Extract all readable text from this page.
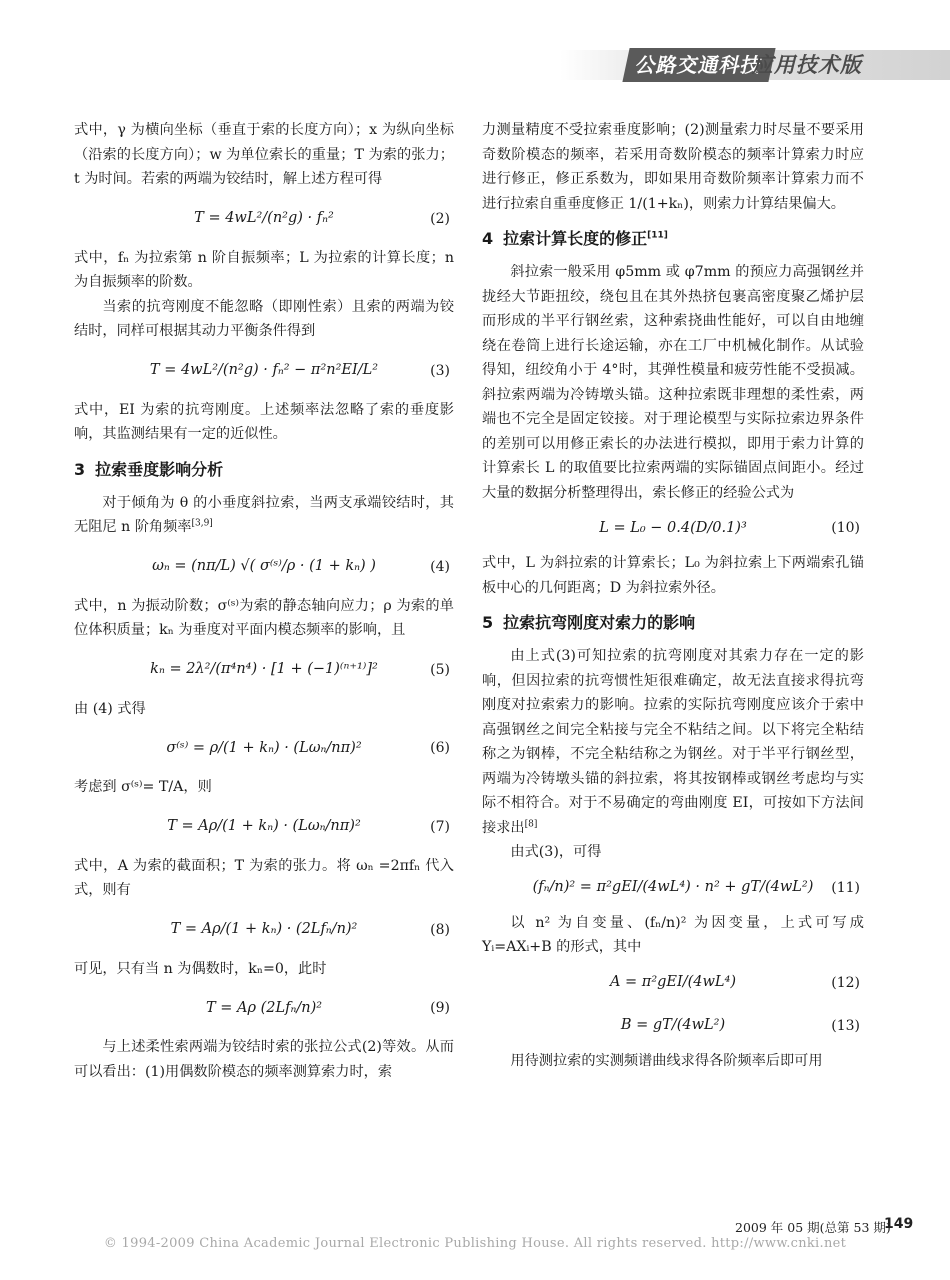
公路交通科技
应用技术版

式中，γ 为横向坐标（垂直于索的长度方向）；x 为纵向坐标（沿索的长度方向）；w 为单位索长的重量；T 为索的张力；t 为时间。若索的两端为铰结时，解上述方程可得

T = 4wL²/(n²g) · fₙ²	(2)

式中，fₙ 为拉索第 n 阶自振频率；L 为拉索的计算长度；n 为自振频率的阶数。

当索的抗弯刚度不能忽略（即刚性索）且索的两端为铰结时，同样可根据其动力平衡条件得到

T = 4wL²/(n²g) · fₙ² − π²n²EI/L²	(3)

式中，EI 为索的抗弯刚度。上述频率法忽略了索的垂度影响，其监测结果有一定的近似性。

3 拉索垂度影响分析

对于倾角为 θ 的小垂度斜拉索，当两支承端铰结时，其无阻尼 n 阶角频率[3,9]

ωₙ = (nπ/L) √( σ⁽ˢ⁾/ρ · (1 + kₙ) )	(4)

式中，n 为振动阶数；σ⁽ˢ⁾为索的静态轴向应力；ρ 为索的单位体积质量；kₙ 为垂度对平面内模态频率的影响，且

kₙ = 2λ²/(π⁴n⁴) · [1 + (−1)⁽ⁿ⁺¹⁾]²	(5)

由 (4) 式得

σ⁽ˢ⁾ = ρ/(1 + kₙ) · (Lωₙ/nπ)²	(6)

考虑到 σ⁽ˢ⁾= T/A，则

T = Aρ/(1 + kₙ) · (Lωₙ/nπ)²	(7)

式中，A 为索的截面积；T 为索的张力。将 ωₙ =2πfₙ 代入式，则有

T = Aρ/(1 + kₙ) · (2Lfₙ/n)²	(8)

可见，只有当 n 为偶数时，kₙ=0，此时

T = Aρ (2Lfₙ/n)²	(9)

与上述柔性索两端为铰结时索的张拉公式(2)等效。从而可以看出：(1)用偶数阶模态的频率测算索力时，索

力测量精度不受拉索垂度影响；(2)测量索力时尽量不要采用奇数阶模态的频率，若采用奇数阶模态的频率计算索力时应进行修正，修正系数为，即如果用奇数阶频率计算索力而不进行拉索自重垂度修正 1/(1+kₙ)，则索力计算结果偏大。

4 拉索计算长度的修正[11]

斜拉索一般采用 φ5mm 或 φ7mm 的预应力高强钢丝并拢经大节距扭绞，绕包且在其外热挤包裹高密度聚乙烯护层而形成的半平行钢丝索，这种索挠曲性能好，可以自由地缠绕在卷筒上进行长途运输，亦在工厂中机械化制作。从试验得知，纽绞角小于 4°时，其弹性模量和疲劳性能不受损减。斜拉索两端为冷铸墩头锚。这种拉索既非理想的柔性索，两端也不完全是固定铰接。对于理论模型与实际拉索边界条件的差别可以用修正索长的办法进行模拟，即用于索力计算的计算索长 L 的取值要比拉索两端的实际锚固点间距小。经过大量的数据分析整理得出，索长修正的经验公式为

L = L₀ − 0.4(D/0.1)³	(10)

式中，L 为斜拉索的计算索长；L₀ 为斜拉索上下两端索孔锚板中心的几何距离；D 为斜拉索外径。

5 拉索抗弯刚度对索力的影响

由上式(3)可知拉索的抗弯刚度对其索力存在一定的影响，但因拉索的抗弯惯性矩很难确定，故无法直接求得抗弯刚度对拉索索力的影响。拉索的实际抗弯刚度应该介于索中高强钢丝之间完全粘接与完全不粘结之间。以下将完全粘结称之为钢棒，不完全粘结称之为钢丝。对于半平行钢丝型，两端为冷铸墩头锚的斜拉索，将其按钢棒或钢丝考虑均与实际不相符合。对于不易确定的弯曲刚度 EI，可按如下方法间接求出[8]

由式(3)，可得

(fₙ/n)² = π²gEI/(4wL⁴) · n² + gT/(4wL²) (11)

以 n² 为自变量、(fₙ/n)² 为因变量，上式可写成 Yᵢ=AXᵢ+B 的形式，其中

A = π²gEI/(4wL⁴)	(12)
B = gT/(4wL²)	(13)

用待测拉索的实测频谱曲线求得各阶频率后即可用

2009 年 05 期(总第 53 期)
149
© 1994-2009 China Academic Journal Electronic Publishing House. All rights reserved. http://www.cnki.net
